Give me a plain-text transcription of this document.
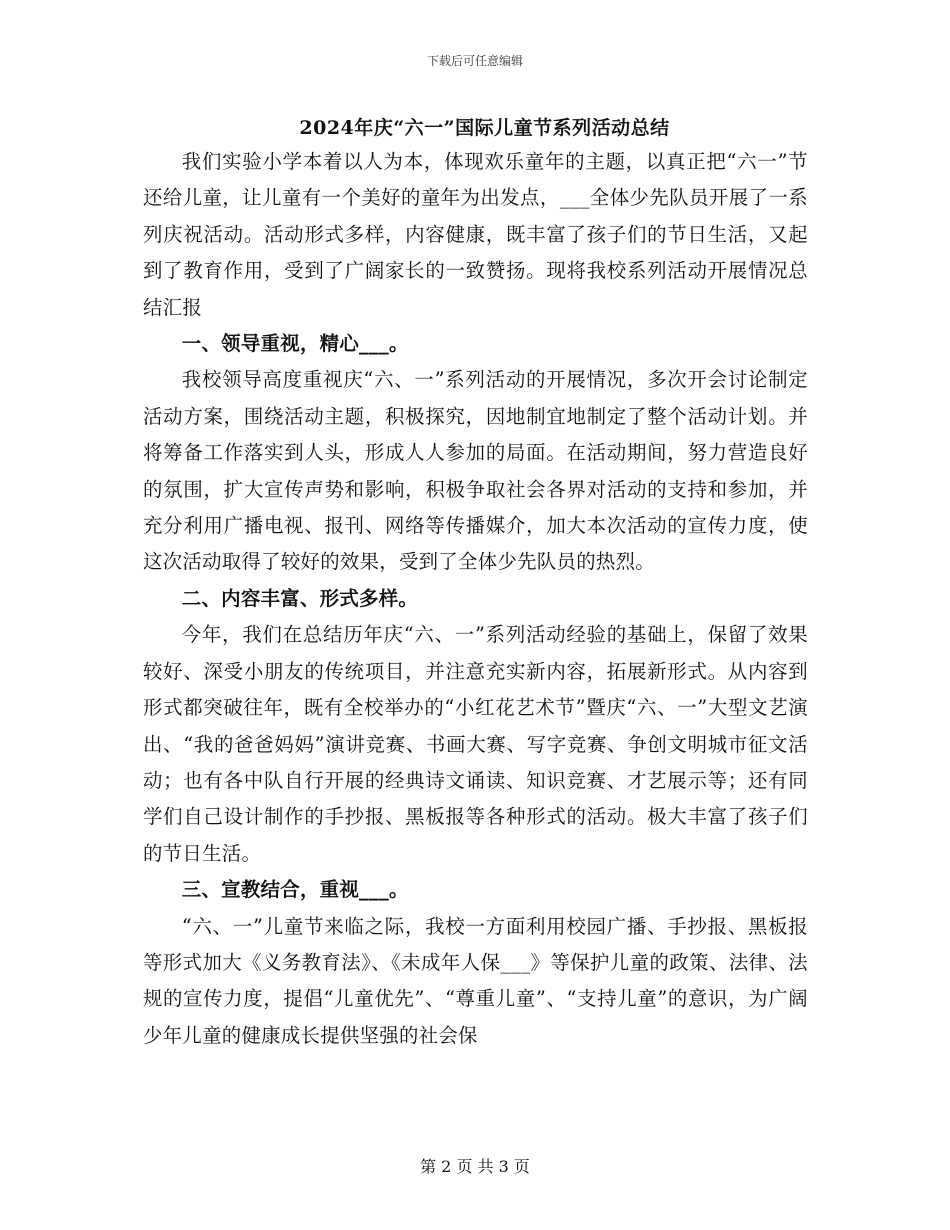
下载后可任意编辑
2024年庆“六一”国际儿童节系列活动总结

我们实验小学本着以人为本，体现欢乐童年的主题，以真正把“六一”节还给儿童，让儿童有一个美好的童年为出发点，___全体少先队员开展了一系列庆祝活动。活动形式多样，内容健康，既丰富了孩子们的节日生活，又起到了教育作用，受到了广阔家长的一致赞扬。现将我校系列活动开展情况总结汇报

一、领导重视，精心___。

我校领导高度重视庆“六、一”系列活动的开展情况，多次开会讨论制定活动方案，围绕活动主题，积极探究，因地制宜地制定了整个活动计划。并将筹备工作落实到人头，形成人人参加的局面。在活动期间，努力营造良好的氛围，扩大宣传声势和影响，积极争取社会各界对活动的支持和参加，并充分利用广播电视、报刊、网络等传播媒介，加大本次活动的宣传力度，使这次活动取得了较好的效果，受到了全体少先队员的热烈。

二、内容丰富、形式多样。

今年，我们在总结历年庆“六、一”系列活动经验的基础上，保留了效果较好、深受小朋友的传统项目，并注意充实新内容，拓展新形式。从内容到形式都突破往年，既有全校举办的“小红花艺术节”暨庆“六、一”大型文艺演出、“我的爸爸妈妈”演讲竞赛、书画大赛、写字竞赛、争创文明城市征文活动；也有各中队自行开展的经典诗文诵读、知识竞赛、才艺展示等；还有同学们自己设计制作的手抄报、黑板报等各种形式的活动。极大丰富了孩子们的节日生活。

三、宣教结合，重视___。

“六、一”儿童节来临之际，我校一方面利用校园广播、手抄报、黑板报等形式加大《义务教育法》、《未成年人保___》等保护儿童的政策、法律、法规的宣传力度，提倡“儿童优先”、“尊重儿童”、“支持儿童”的意识，为广阔少年儿童的健康成长提供坚强的社会保

第 2 页 共 3 页
